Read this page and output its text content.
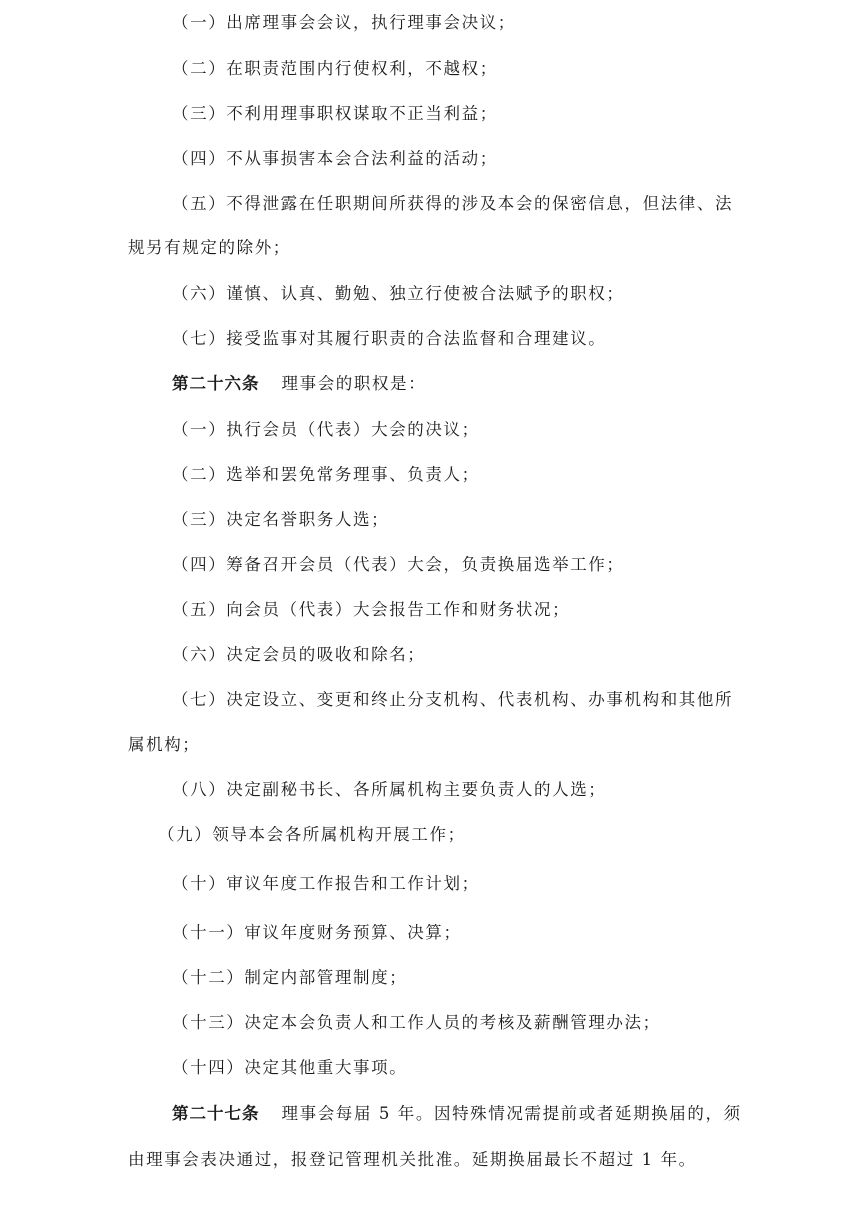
（一）出席理事会会议，执行理事会决议；
（二）在职责范围内行使权利，不越权；
（三）不利用理事职权谋取不正当利益；
（四）不从事损害本会合法利益的活动；
（五）不得泄露在任职期间所获得的涉及本会的保密信息，但法律、法
规另有规定的除外；
（六）谨慎、认真、勤勉、独立行使被合法赋予的职权；
（七）接受监事对其履行职责的合法监督和合理建议。
第二十六条 理事会的职权是：
（一）执行会员（代表）大会的决议；
（二）选举和罢免常务理事、负责人；
（三）决定名誉职务人选；
（四）筹备召开会员（代表）大会，负责换届选举工作；
（五）向会员（代表）大会报告工作和财务状况；
（六）决定会员的吸收和除名；
（七）决定设立、变更和终止分支机构、代表机构、办事机构和其他所
属机构；
（八）决定副秘书长、各所属机构主要负责人的人选；
（九）领导本会各所属机构开展工作；
（十）审议年度工作报告和工作计划；
（十一）审议年度财务预算、决算；
（十二）制定内部管理制度；
（十三）决定本会负责人和工作人员的考核及薪酬管理办法；
（十四）决定其他重大事项。
第二十七条 理事会每届 5 年。因特殊情况需提前或者延期换届的，须
由理事会表决通过，报登记管理机关批准。延期换届最长不超过 1 年。
